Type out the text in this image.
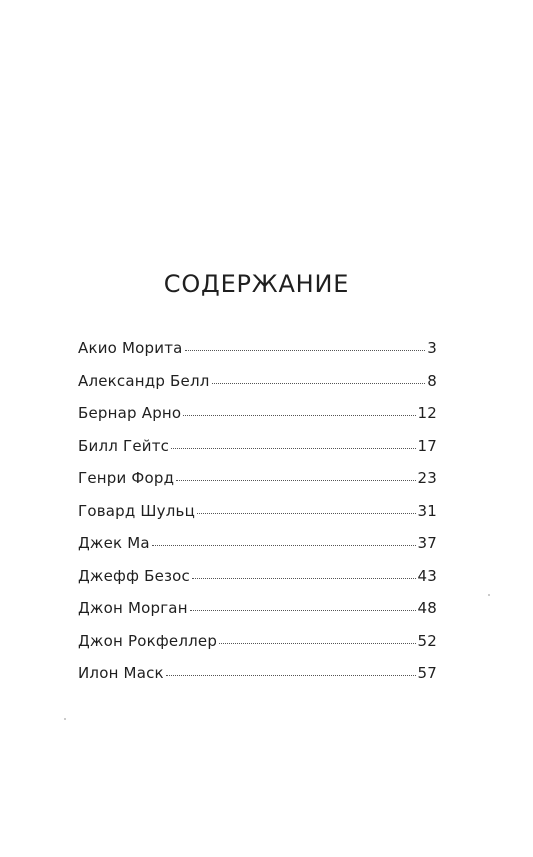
СОДЕРЖАНИЕ
Акио Морита	3
Александр Белл	8
Бернар Арно	12
Билл Гейтс	17
Генри Форд	23
Говард Шульц	31
Джек Ма	37
Джефф Безос	43
Джон Морган	48
Джон Рокфеллер	52
Илон Маск	57
